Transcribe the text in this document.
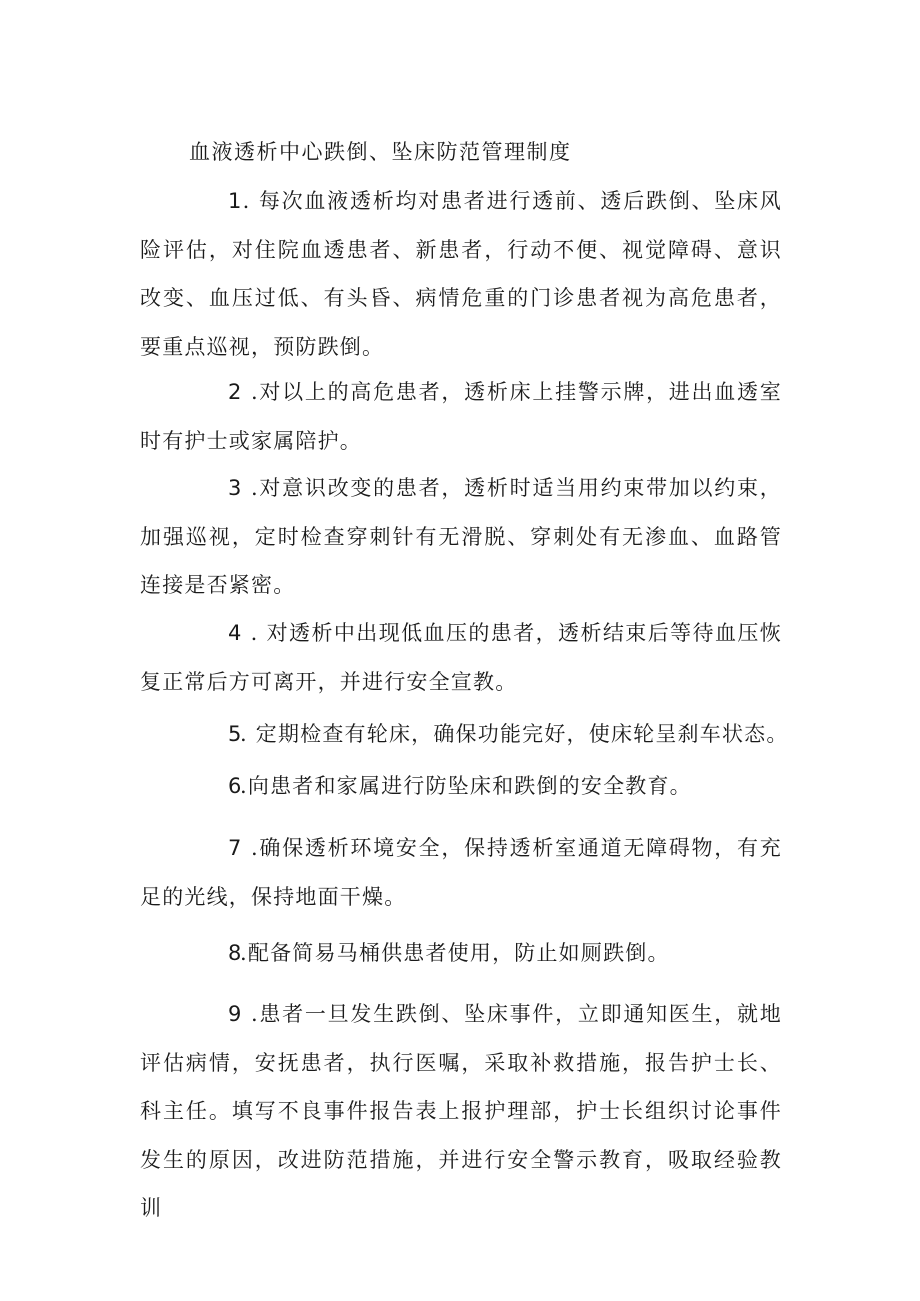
血液透析中心跌倒、坠床防范管理制度

1. 每次血液透析均对患者进行透前、透后跌倒、坠床风险评估，对住院血透患者、新患者，行动不便、视觉障碍、意识改变、血压过低、有头昏、病情危重的门诊患者视为高危患者，要重点巡视，预防跌倒。

2 .对以上的高危患者，透析床上挂警示牌，进出血透室时有护士或家属陪护。

3 .对意识改变的患者，透析时适当用约束带加以约束，加强巡视，定时检查穿刺针有无滑脱、穿刺处有无渗血、血路管连接是否紧密。

4 . 对透析中出现低血压的患者，透析结束后等待血压恢复正常后方可离开，并进行安全宣教。

5. 定期检查有轮床，确保功能完好，使床轮呈刹车状态。

6.向患者和家属进行防坠床和跌倒的安全教育。

7 .确保透析环境安全，保持透析室通道无障碍物，有充足的光线，保持地面干燥。

8.配备简易马桶供患者使用，防止如厕跌倒。

9 .患者一旦发生跌倒、坠床事件，立即通知医生，就地评估病情，安抚患者，执行医嘱，采取补救措施，报告护士长、科主任。填写不良事件报告表上报护理部，护士长组织讨论事件发生的原因，改进防范措施，并进行安全警示教育，吸取经验教训
